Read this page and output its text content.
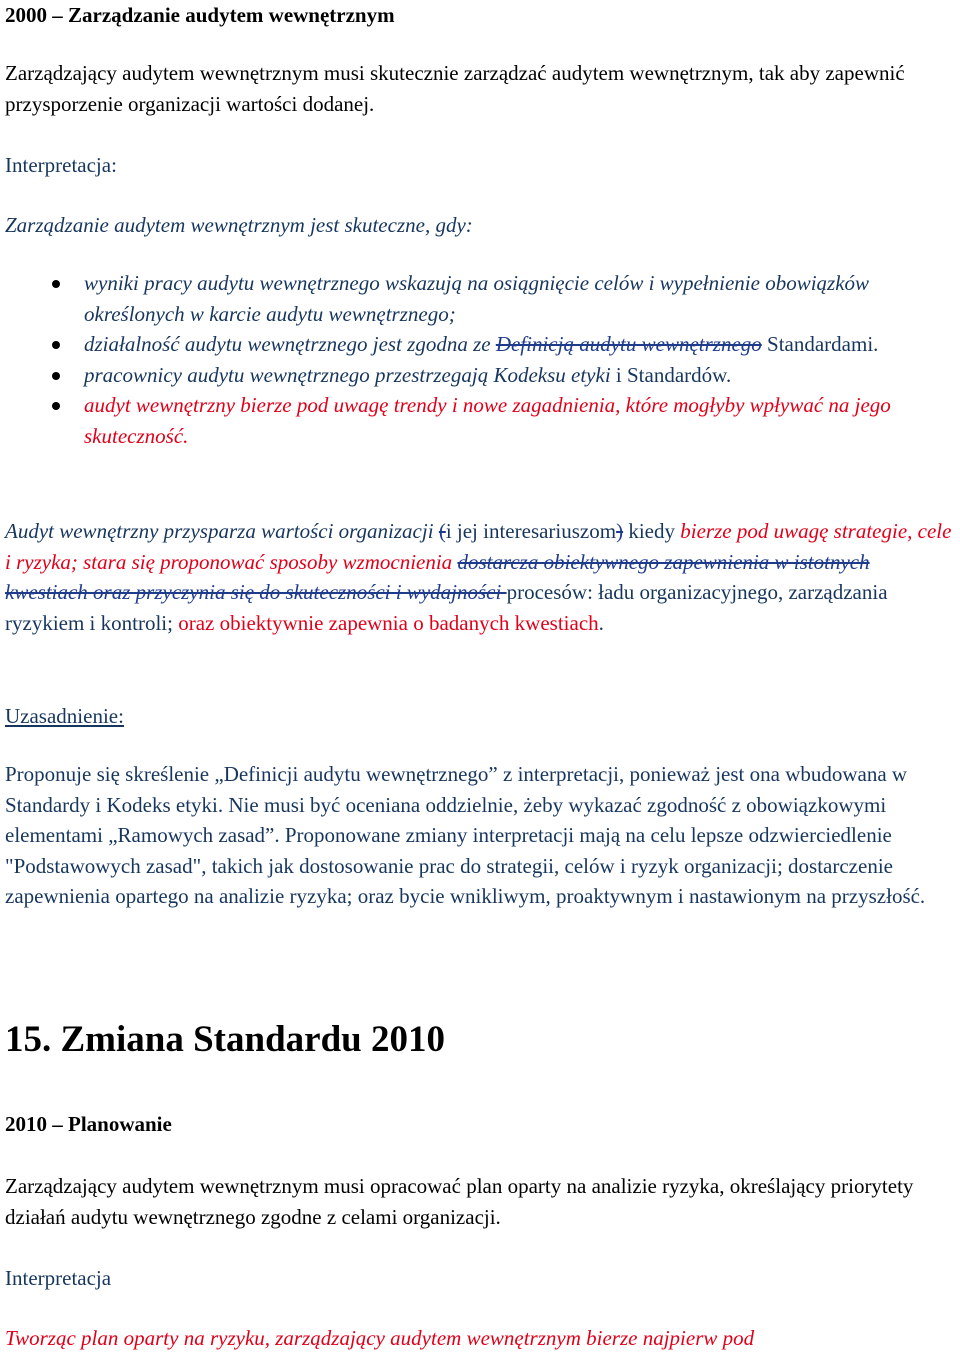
2000 – Zarządzanie audytem wewnętrznym

Zarządzający audytem wewnętrznym musi skutecznie zarządzać audytem wewnętrznym, tak aby zapewnić przysporzenie organizacji wartości dodanej.

Interpretacja:

Zarządzanie audytem wewnętrznym jest skuteczne, gdy:

wyniki pracy audytu wewnętrznego wskazują na osiągnięcie celów i wypełnienie obowiązków określonych w karcie audytu wewnętrznego;
działalność audytu wewnętrznego jest zgodna ze Definicją audytu wewnętrznego Standardami.
pracownicy audytu wewnętrznego przestrzegają Kodeksu etyki i Standardów.
audyt wewnętrzny bierze pod uwagę trendy i nowe zagadnienia, które mogłyby wpływać na jego skuteczność.

Audyt wewnętrzny przysparza wartości organizacji (i jej interesariuszom) kiedy bierze pod uwagę strategie, cele i ryzyka; stara się proponować sposoby wzmocnienia dostarcza obiektywnego zapewnienia w istotnych kwestiach oraz przyczynia się do skuteczności i wydajności procesów: ładu organizacyjnego, zarządzania ryzykiem i kontroli; oraz obiektywnie zapewnia o badanych kwestiach.

Uzasadnienie:

Proponuje się skreślenie „Definicji audytu wewnętrznego” z interpretacji, ponieważ jest ona wbudowana w Standardy i Kodeks etyki. Nie musi być oceniana oddzielnie, żeby wykazać zgodność z obowiązkowymi elementami „Ramowych zasad”. Proponowane zmiany interpretacji mają na celu lepsze odzwierciedlenie "Podstawowych zasad", takich jak dostosowanie prac do strategii, celów i ryzyk organizacji; dostarczenie zapewnienia opartego na analizie ryzyka; oraz bycie wnikliwym, proaktywnym i nastawionym na przyszłość.

15. Zmiana Standardu 2010

2010 – Planowanie

Zarządzający audytem wewnętrznym musi opracować plan oparty na analizie ryzyka, określający priorytety działań audytu wewnętrznego zgodne z celami organizacji.

Interpretacja

Tworząc plan oparty na ryzyku, zarządzający audytem wewnętrznym bierze najpierw pod
